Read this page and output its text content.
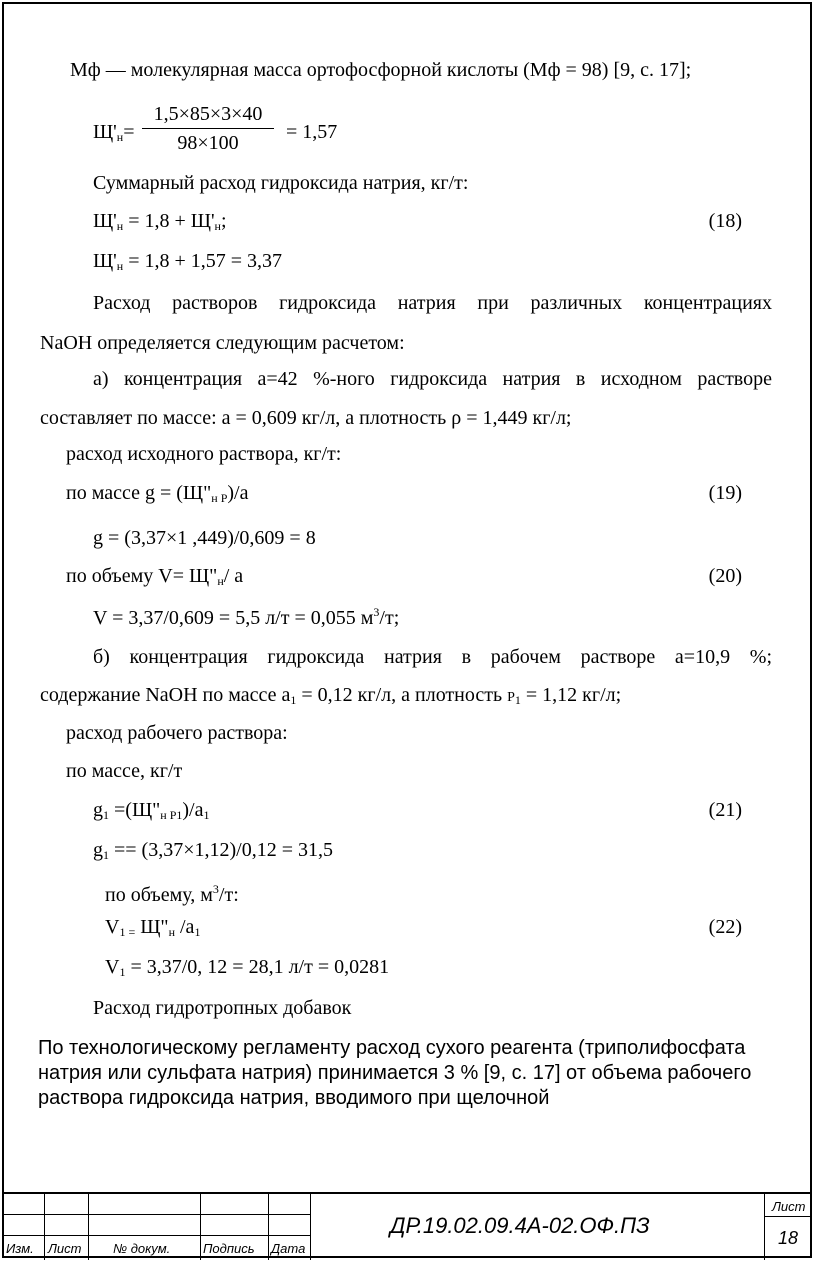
Мф — молекулярная масса ортофосфорной кислоты (Мф = 98) [9, с. 17];
$Щ'_н=$
1,5×85×3×40
98×100	= 1,57
Суммарный расход гидроксида натрия, кг/т:
$Щ'_н = 1,8 + Щ'_н$;	(18)
$Щ'_н = 1,8 + 1,57 = 3,37$
Расход растворов гидроксида натрия при различных концентрациях
NaOH определяется следующим расчетом:
а) концентрация а=42 %-ного гидроксида натрия в исходном растворе
составляет по массе: а = 0,609 кг/л, а плотность ρ = 1,449 кг/л;
расход исходного раствора, кг/т:
по массе $g = (Щ"_{н Р})/а$	(19)
g = (3,37×1 ,449)/0,609 = 8
по объему $V= Щ"_н/$ а	(20)
V = 3,37/0,609 = 5,5 л/т = 0,055 $м^3/т$;
б) концентрация гидроксида натрия в рабочем растворе а=10,9 %;
содержание NaOH по массе $а_1 = 0,12$ кг/л, а плотность $Р_1 = 1,12$ кг/л;
расход рабочего раствора:
по массе, кг/т
$g_1$ $=(Щ"_{н Р1})/а_1$	(21)
$g_1 == (3,37\times 1,12)/0,12 = 31,5$
по объему, $м^3/т$:
$V_{1 =}$ $Щ"_н$ $/а_1$	(22)
$V_1 = 3,37/0$, 12 = 28,1 л/т = 0,0281
Расход гидротропных добавок
По технологическому регламенту расход сухого реагента (триполифосфата
натрия или сульфата натрия) принимается 3 % [9, с. 17] от объема рабочего
раствора гидроксида натрия, вводимого при щелочной
Изм. Лист № докум.	Подпись Дата
ДР.19.02.09.4А-02.ОФ.ПЗ
Лист
18
